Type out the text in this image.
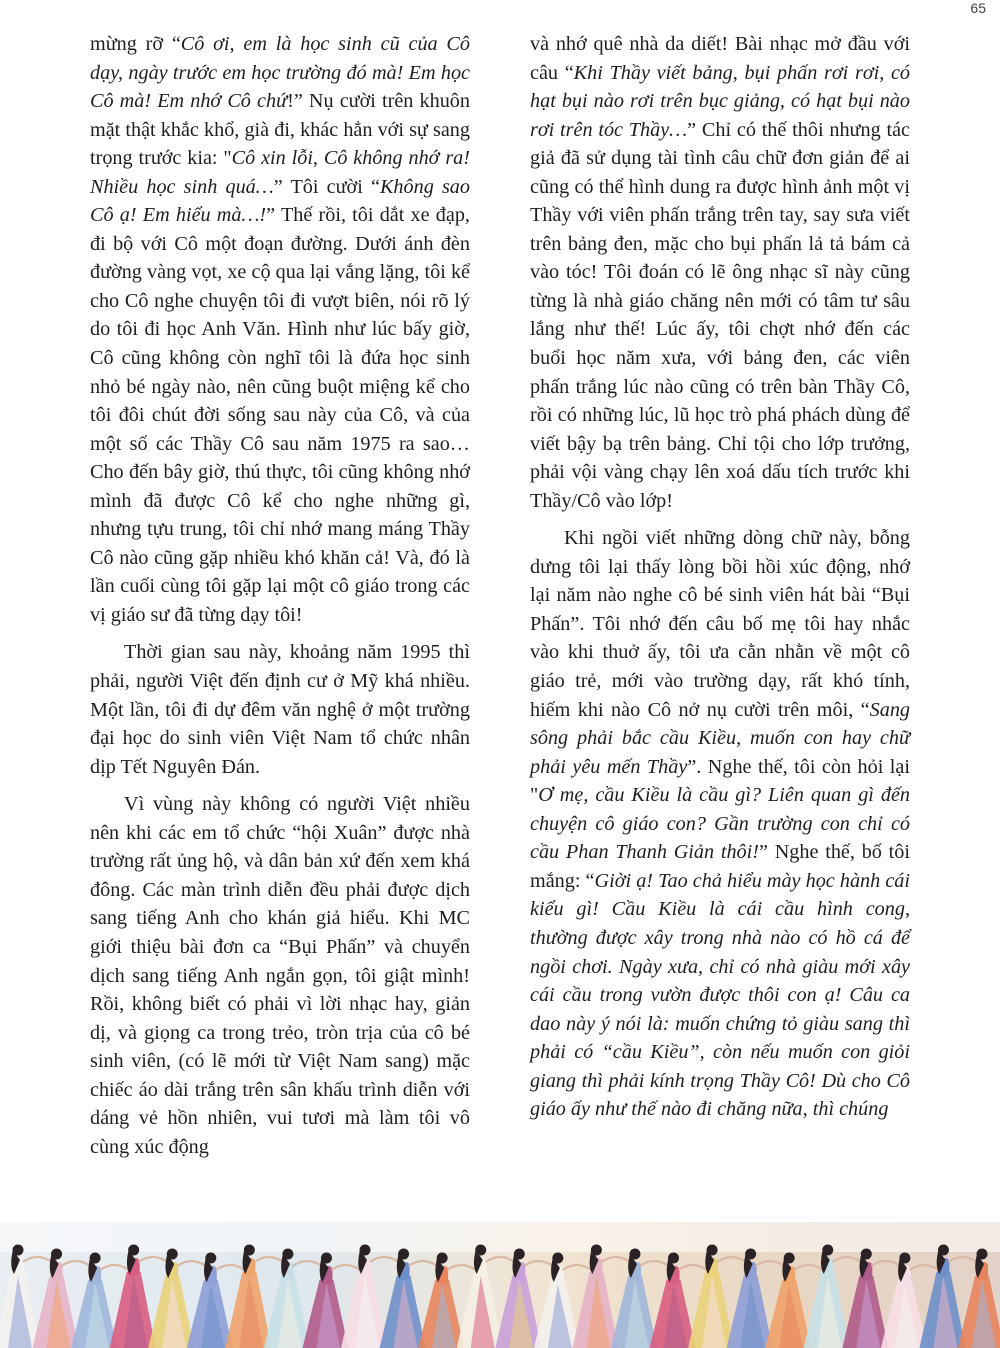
65

mừng rỡ “Cô ơi, em là học sinh cũ của Cô dạy, ngày trước em học trường đó mà! Em học Cô mà! Em nhớ Cô chứ!” Nụ cười trên khuôn mặt thật khắc khổ, già đi, khác hẳn với sự sang trọng trước kia: "Cô xin lỗi, Cô không nhớ ra! Nhiều học sinh quá…” Tôi cười “Không sao Cô ạ! Em hiểu mà…!” Thế rồi, tôi dắt xe đạp, đi bộ với Cô một đoạn đường. Dưới ánh đèn đường vàng vọt, xe cộ qua lại vắng lặng, tôi kể cho Cô nghe chuyện tôi đi vượt biên, nói rõ lý do tôi đi học Anh Văn. Hình như lúc bấy giờ, Cô cũng không còn nghĩ tôi là đứa học sinh nhỏ bé ngày nào, nên cũng buột miệng kể cho tôi đôi chút đời sống sau này của Cô, và của một số các Thầy Cô sau năm 1975 ra sao… Cho đến bây giờ, thú thực, tôi cũng không nhớ mình đã được Cô kể cho nghe những gì, nhưng tựu trung, tôi chỉ nhớ mang máng Thầy Cô nào cũng gặp nhiều khó khăn cả! Và, đó là lần cuối cùng tôi gặp lại một cô giáo trong các vị giáo sư đã từng dạy tôi!

Thời gian sau này, khoảng năm 1995 thì phải, người Việt đến định cư ở Mỹ khá nhiều. Một lần, tôi đi dự đêm văn nghệ ở một trường đại học do sinh viên Việt Nam tổ chức nhân dịp Tết Nguyên Đán.

Vì vùng này không có người Việt nhiều nên khi các em tổ chức “hội Xuân” được nhà trường rất ủng hộ, và dân bản xứ đến xem khá đông. Các màn trình diễn đều phải được dịch sang tiếng Anh cho khán giả hiểu. Khi MC giới thiệu bài đơn ca “Bụi Phấn” và chuyển dịch sang tiếng Anh ngắn gọn, tôi giật mình! Rồi, không biết có phải vì lời nhạc hay, giản dị, và giọng ca trong trẻo, tròn trịa của cô bé sinh viên, (có lẽ mới từ Việt Nam sang) mặc chiếc áo dài trắng trên sân khấu trình diễn với dáng vẻ hồn nhiên, vui tươi mà làm tôi vô cùng xúc động

và nhớ quê nhà da diết! Bài nhạc mở đầu với câu “Khi Thầy viết bảng, bụi phấn rơi rơi, có hạt bụi nào rơi trên bục giảng, có hạt bụi nào rơi trên tóc Thầy…” Chỉ có thế thôi nhưng tác giả đã sử dụng tài tình câu chữ đơn giản để ai cũng có thể hình dung ra được hình ảnh một vị Thầy với viên phấn trắng trên tay, say sưa viết trên bảng đen, mặc cho bụi phấn lả tả bám cả vào tóc! Tôi đoán có lẽ ông nhạc sĩ này cũng từng là nhà giáo chăng nên mới có tâm tư sâu lắng như thế! Lúc ấy, tôi chợt nhớ đến các buổi học năm xưa, với bảng đen, các viên phấn trắng lúc nào cũng có trên bàn Thầy Cô, rồi có những lúc, lũ học trò phá phách dùng để viết bậy bạ trên bảng. Chỉ tội cho lớp trưởng, phải vội vàng chạy lên xoá dấu tích trước khi Thầy/Cô vào lớp!

Khi ngồi viết những dòng chữ này, bỗng dưng tôi lại thấy lòng bồi hồi xúc động, nhớ lại năm nào nghe cô bé sinh viên hát bài “Bụi Phấn”. Tôi nhớ đến câu bố mẹ tôi hay nhắc vào khi thuở ấy, tôi ưa cằn nhằn về một cô giáo trẻ, mới vào trường dạy, rất khó tính, hiếm khi nào Cô nở nụ cười trên môi, “Sang sông phải bắc cầu Kiều, muốn con hay chữ phải yêu mến Thầy”. Nghe thế, tôi còn hỏi lại "Ơ mẹ, cầu Kiều là cầu gì? Liên quan gì đến chuyện cô giáo con? Gần trường con chỉ có cầu Phan Thanh Giản thôi!” Nghe thế, bố tôi mắng: “Giời ạ! Tao chả hiểu mày học hành cái kiểu gì! Cầu Kiều là cái cầu hình cong, thường được xây trong nhà nào có hồ cá để ngồi chơi. Ngày xưa, chỉ có nhà giàu mới xây cái cầu trong vườn được thôi con ạ! Câu ca dao này ý nói là: muốn chứng tỏ giàu sang thì phải có “cầu Kiều”, còn nếu muốn con giỏi giang thì phải kính trọng Thầy Cô! Dù cho Cô giáo ấy như thế nào đi chăng nữa, thì chúng
